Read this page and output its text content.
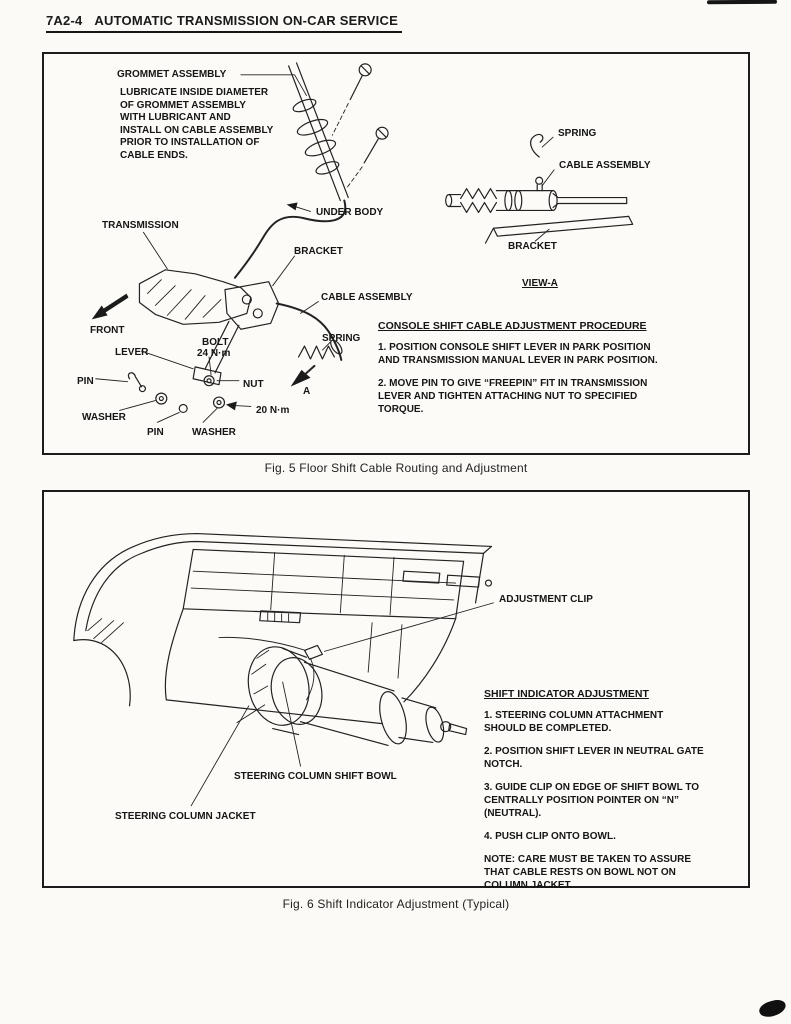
7A2-4 AUTOMATIC TRANSMISSION ON-CAR SERVICE
GROMMET ASSEMBLY
LUBRICATE INSIDE DIAMETER OF GROMMET ASSEMBLY WITH LUBRICANT AND INSTALL ON CABLE ASSEMBLY PRIOR TO INSTALLATION OF CABLE ENDS.
TRANSMISSION
UNDER BODY
BRACKET
CABLE ASSEMBLY
FRONT
LEVER
BOLT
24 N·m
SPRING
PIN	NUT
WASHER
PIN	WASHER
20 N·m
A
SPRING
CABLE ASSEMBLY
BRACKET
VIEW-A
CONSOLE SHIFT CABLE ADJUSTMENT PROCEDURE

1. POSITION CONSOLE SHIFT LEVER IN PARK POSITION AND TRANSMISSION MANUAL LEVER IN PARK POSITION.

2. MOVE PIN TO GIVE “FREEPIN” FIT IN TRANSMISSION LEVER AND TIGHTEN ATTACHING NUT TO SPECIFIED TORQUE.

Fig. 5 Floor Shift Cable Routing and Adjustment
ADJUSTMENT CLIP
STEERING COLUMN SHIFT BOWL
STEERING COLUMN JACKET
SHIFT INDICATOR ADJUSTMENT

1. STEERING COLUMN ATTACHMENT SHOULD BE COMPLETED.

2. POSITION SHIFT LEVER IN NEUTRAL GATE NOTCH.

3. GUIDE CLIP ON EDGE OF SHIFT BOWL TO CENTRALLY POSITION POINTER ON “N” (NEUTRAL).

4. PUSH CLIP ONTO BOWL.

NOTE: CARE MUST BE TAKEN TO ASSURE THAT CABLE RESTS ON BOWL NOT ON COLUMN JACKET.

Fig. 6 Shift Indicator Adjustment (Typical)
